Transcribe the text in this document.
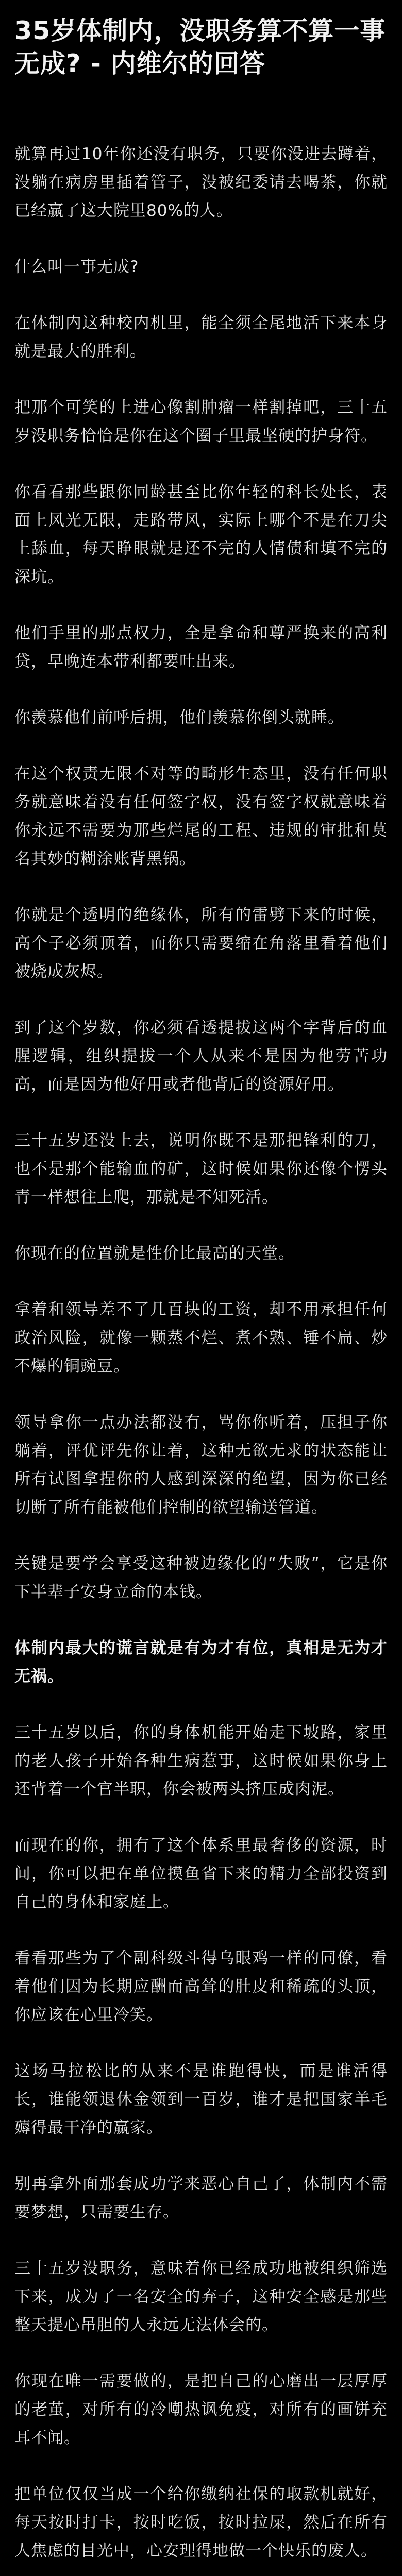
35岁体制内，没职务算不算一事无成? - 内维尔的回答

就算再过10年你还没有职务，只要你没进去蹲着，没躺在病房里插着管子，没被纪委请去喝茶，你就已经赢了这大院里80%的人。

什么叫一事无成?

在体制内这种校内机里，能全须全尾地活下来本身就是最大的胜利。

把那个可笑的上进心像割肿瘤一样割掉吧，三十五岁没职务恰恰是你在这个圈子里最坚硬的护身符。

你看看那些跟你同龄甚至比你年轻的科长处长，表面上风光无限，走路带风，实际上哪个不是在刀尖上舔血，每天睁眼就是还不完的人情债和填不完的深坑。

他们手里的那点权力，全是拿命和尊严换来的高利贷，早晚连本带利都要吐出来。

你羡慕他们前呼后拥，他们羡慕你倒头就睡。

在这个权责无限不对等的畸形生态里，没有任何职务就意味着没有任何签字权，没有签字权就意味着你永远不需要为那些烂尾的工程、违规的审批和莫名其妙的糊涂账背黑锅。

你就是个透明的绝缘体，所有的雷劈下来的时候，高个子必须顶着，而你只需要缩在角落里看着他们被烧成灰烬。

到了这个岁数，你必须看透提拔这两个字背后的血腥逻辑，组织提拔一个人从来不是因为他劳苦功高，而是因为他好用或者他背后的资源好用。

三十五岁还没上去，说明你既不是那把锋利的刀，也不是那个能输血的矿，这时候如果你还像个愣头青一样想往上爬，那就是不知死活。

你现在的位置就是性价比最高的天堂。

拿着和领导差不了几百块的工资，却不用承担任何政治风险，就像一颗蒸不烂、煮不熟、锤不扁、炒不爆的铜豌豆。

领导拿你一点办法都没有，骂你你听着，压担子你躺着，评优评先你让着，这种无欲无求的状态能让所有试图拿捏你的人感到深深的绝望，因为你已经切断了所有能被他们控制的欲望输送管道。

关键是要学会享受这种被边缘化的“失败”，它是你下半辈子安身立命的本钱。

体制内最大的谎言就是有为才有位，真相是无为才无祸。

三十五岁以后，你的身体机能开始走下坡路，家里的老人孩子开始各种生病惹事，这时候如果你身上还背着一个官半职，你会被两头挤压成肉泥。

而现在的你，拥有了这个体系里最奢侈的资源，时间，你可以把在单位摸鱼省下来的精力全部投资到自己的身体和家庭上。

看看那些为了个副科级斗得乌眼鸡一样的同僚，看着他们因为长期应酬而高耸的肚皮和稀疏的头顶，你应该在心里冷笑。

这场马拉松比的从来不是谁跑得快，而是谁活得长，谁能领退休金领到一百岁，谁才是把国家羊毛薅得最干净的赢家。

别再拿外面那套成功学来恶心自己了，体制内不需要梦想，只需要生存。

三十五岁没职务，意味着你已经成功地被组织筛选下来，成为了一名安全的弃子，这种安全感是那些整天提心吊胆的人永远无法体会的。

你现在唯一需要做的，是把自己的心磨出一层厚厚的老茧，对所有的冷嘲热讽免疫，对所有的画饼充耳不闻。

把单位仅仅当成一个给你缴纳社保的取款机就好，每天按时打卡，按时吃饭，按时拉屎，然后在所有人焦虑的目光中，心安理得地做一个快乐的废人。
